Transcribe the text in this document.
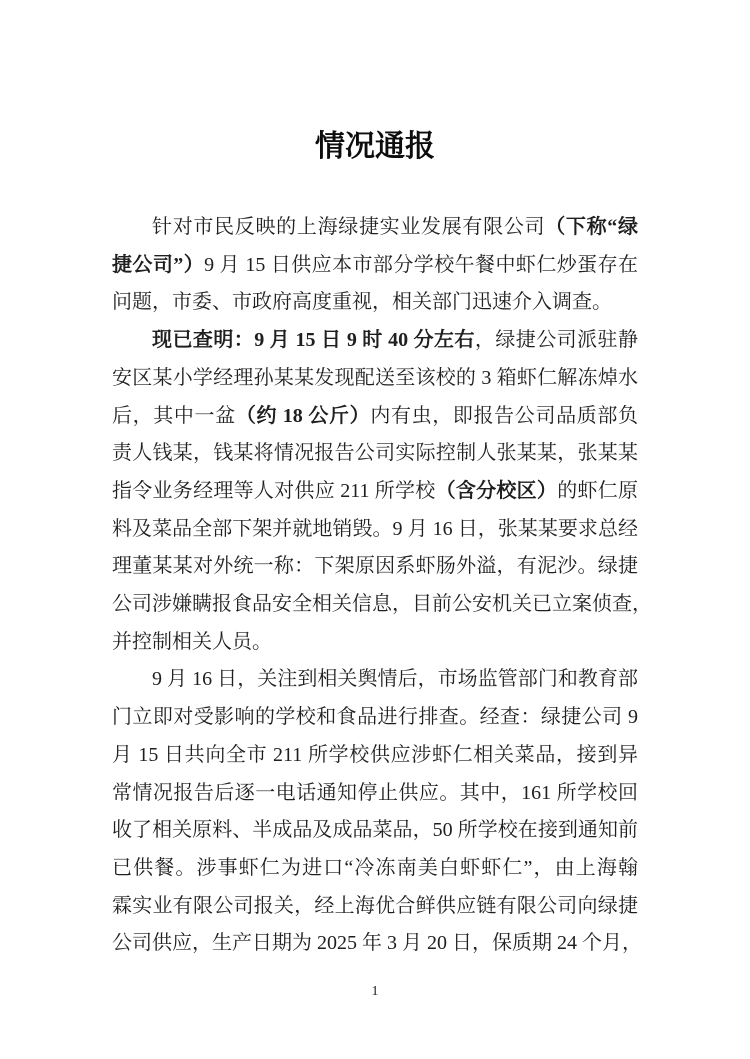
情况通报
针对市民反映的上海绿捷实业发展有限公司（下称“绿
捷公司”）9 月 15 日供应本市部分学校午餐中虾仁炒蛋存在
问题，市委、市政府高度重视，相关部门迅速介入调查。
现已查明：9 月 15 日 9 时 40 分左右，绿捷公司派驻静
安区某小学经理孙某某发现配送至该校的 3 箱虾仁解冻焯水
后，其中一盆（约 18 公斤）内有虫，即报告公司品质部负
责人钱某，钱某将情况报告公司实际控制人张某某，张某某
指令业务经理等人对供应 211 所学校（含分校区）的虾仁原
料及菜品全部下架并就地销毁。9 月 16 日，张某某要求总经
理董某某对外统一称：下架原因系虾肠外溢，有泥沙。绿捷
公司涉嫌瞒报食品安全相关信息，目前公安机关已立案侦查，
并控制相关人员。
9 月 16 日，关注到相关舆情后，市场监管部门和教育部
门立即对受影响的学校和食品进行排查。经查：绿捷公司 9
月 15 日共向全市 211 所学校供应涉虾仁相关菜品，接到异
常情况报告后逐一电话通知停止供应。其中，161 所学校回
收了相关原料、半成品及成品菜品，50 所学校在接到通知前
已供餐。涉事虾仁为进口“冷冻南美白虾虾仁”，由上海翰
霖实业有限公司报关，经上海优合鲜供应链有限公司向绿捷
公司供应，生产日期为 2025 年 3 月 20 日，保质期 24 个月，
1
